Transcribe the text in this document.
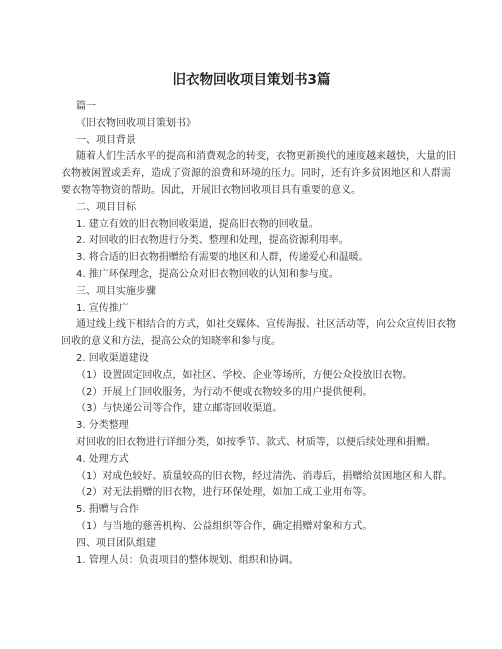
旧衣物回收项目策划书3篇

篇一

《旧衣物回收项目策划书》

一、项目背景

随着人们生活水平的提高和消费观念的转变，衣物更新换代的速度越来越快，大量的旧衣物被闲置或丢弃，造成了资源的浪费和环境的压力。同时，还有许多贫困地区和人群需要衣物等物资的帮助。因此，开展旧衣物回收项目具有重要的意义。

二、项目目标

1. 建立有效的旧衣物回收渠道，提高旧衣物的回收量。

2. 对回收的旧衣物进行分类、整理和处理，提高资源利用率。

3. 将合适的旧衣物捐赠给有需要的地区和人群，传递爱心和温暖。

4. 推广环保理念，提高公众对旧衣物回收的认知和参与度。

三、项目实施步骤

1. 宣传推广

通过线上线下相结合的方式，如社交媒体、宣传海报、社区活动等，向公众宣传旧衣物回收的意义和方法，提高公众的知晓率和参与度。

2. 回收渠道建设

（1）设置固定回收点，如社区、学校、企业等场所，方便公众投放旧衣物。

（2）开展上门回收服务，为行动不便或衣物较多的用户提供便利。

（3）与快递公司等合作，建立邮寄回收渠道。

3. 分类整理

对回收的旧衣物进行详细分类，如按季节、款式、材质等，以便后续处理和捐赠。

4. 处理方式

（1）对成色较好、质量较高的旧衣物，经过清洗、消毒后，捐赠给贫困地区和人群。

（2）对无法捐赠的旧衣物，进行环保处理，如加工成工业用布等。

5. 捐赠与合作

（1）与当地的慈善机构、公益组织等合作，确定捐赠对象和方式。

四、项目团队组建

1. 管理人员：负责项目的整体规划、组织和协调。
